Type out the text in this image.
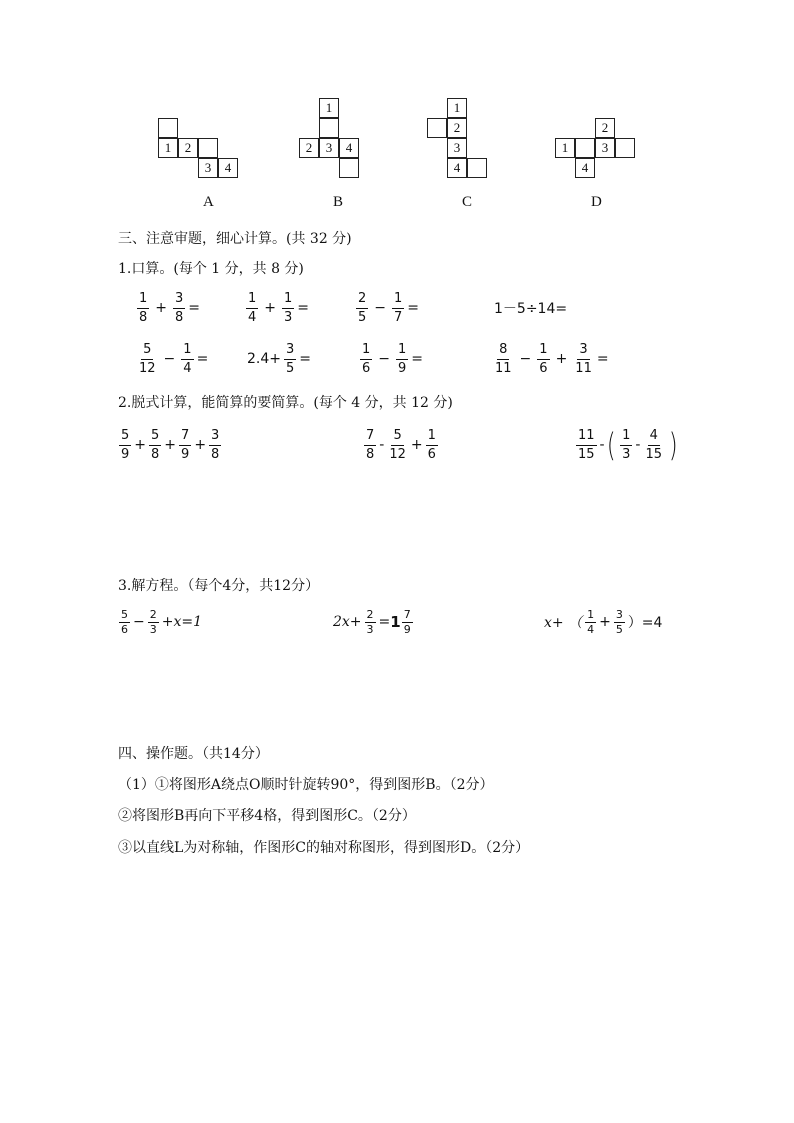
1	2
3	4
A
1
2	3	4
B
1
2
3
4
C
2
1	3
4
D
三、注意审题，细心计算。(共 32 分)
1.口算。(每个 1 分，共 8 分)
$\frac{1}{8} + \frac{3}{8}$ =	$\frac{1}{4} + \frac{1}{3}$ =	$\frac{2}{5} - \frac{1}{7}$ =	1－5÷14=
$\frac{5}{12} - \frac{1}{4}$ =	$2.4+ \frac{3}{5}$ =	$\frac{1}{6} - \frac{1}{9}$ =	$\frac{8}{11} - \frac{1}{6} + \frac{3}{11}$ =
2.脱式计算，能简算的要简算。(每个 4 分，共 12 分)
$\frac{5}{9} + \frac{5}{8} + \frac{7}{9} + \frac{3}{8}$	$\frac{7}{8} - \frac{5}{12} + \frac{1}{6}$	$\frac{11}{15}$ - ( $\frac{1}{3} - \frac{4}{15}$ )
3.解方程。（每个4分，共12分）
$\frac{5}{6} - \frac{2}{3} +x=1$	$2x+ \frac{2}{3} = 1 \frac{7}{9}$	x+ （ $\frac{1}{4} + \frac{3}{5} )=4$
四、操作题。（共14分）
（1）①将图形A绕点O顺时针旋转90°，得到图形B。（2分）
②将图形B再向下平移4格，得到图形C。（2分）
③以直线L为对称轴，作图形C的轴对称图形，得到图形D。（2分）
